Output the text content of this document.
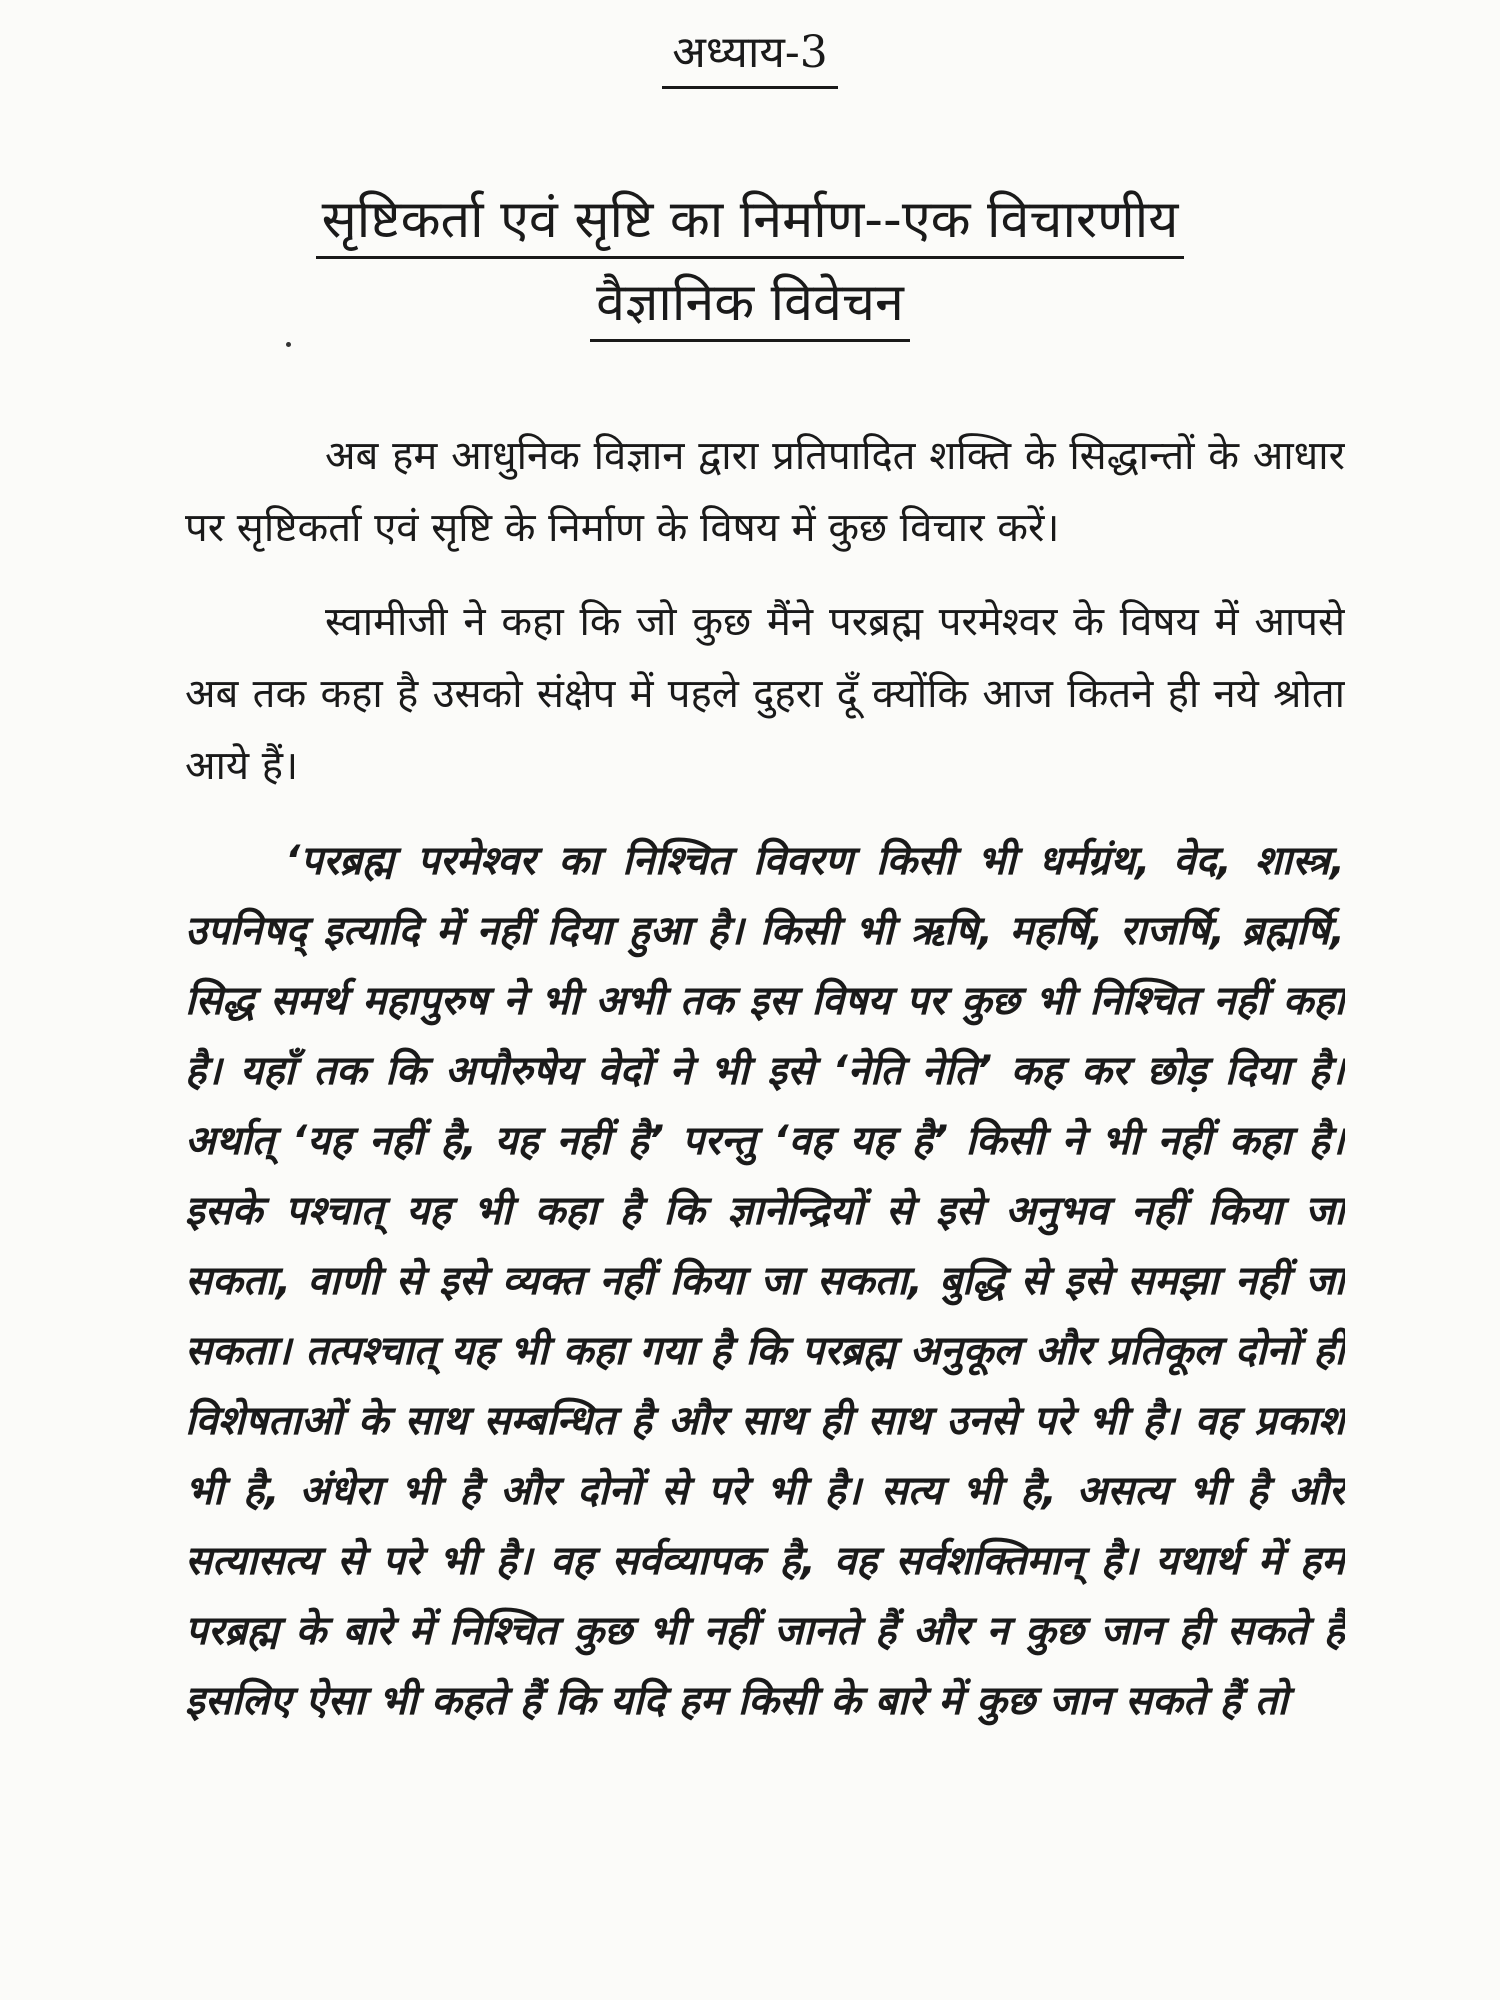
अध्याय-3
सृष्टिकर्ता एवं सृष्टि का निर्माण--एक विचारणीय
वैज्ञानिक विवेचन

अब हम आधुनिक विज्ञान द्वारा प्रतिपादित शक्ति के सिद्धान्तों के आधार पर सृष्टिकर्ता एवं सृष्टि के निर्माण के विषय में कुछ विचार करें।

स्वामीजी ने कहा कि जो कुछ मैंने परब्रह्म परमेश्वर के विषय में आपसे अब तक कहा है उसको संक्षेप में पहले दुहरा दूँ क्योंकि आज कितने ही नये श्रोता आये हैं।

‘परब्रह्म परमेश्वर का निश्चित विवरण किसी भी धर्मग्रंथ, वेद, शास्त्र, उपनिषद् इत्यादि में नहीं दिया हुआ है। किसी भी ऋषि, महर्षि, राजर्षि, ब्रह्मर्षि, सिद्ध समर्थ महापुरुष ने भी अभी तक इस विषय पर कुछ भी निश्चित नहीं कहा है। यहाँ तक कि अपौरुषेय वेदों ने भी इसे ‘नेति नेति’ कह कर छोड़ दिया है। अर्थात् ‘यह नहीं है, यह नहीं है’ परन्तु ‘वह यह है’ किसी ने भी नहीं कहा है। इसके पश्चात् यह भी कहा है कि ज्ञानेन्द्रियों से इसे अनुभव नहीं किया जा सकता, वाणी से इसे व्यक्त नहीं किया जा सकता, बुद्धि से इसे समझा नहीं जा सकता। तत्पश्चात् यह भी कहा गया है कि परब्रह्म अनुकूल और प्रतिकूल दोनों ही विशेषताओं के साथ सम्बन्धित है और साथ ही साथ उनसे परे भी है। वह प्रकाश भी है, अंधेरा भी है और दोनों से परे भी है। सत्य भी है, असत्य भी है और सत्यासत्य से परे भी है। वह सर्वव्यापक है, वह सर्वशक्तिमान् है। यथार्थ में हम परब्रह्म के बारे में निश्चित कुछ भी नहीं जानते हैं और न कुछ जान ही सकते हैं इसलिए ऐसा भी कहते हैं कि यदि हम किसी के बारे में कुछ जान सकते हैं तो
